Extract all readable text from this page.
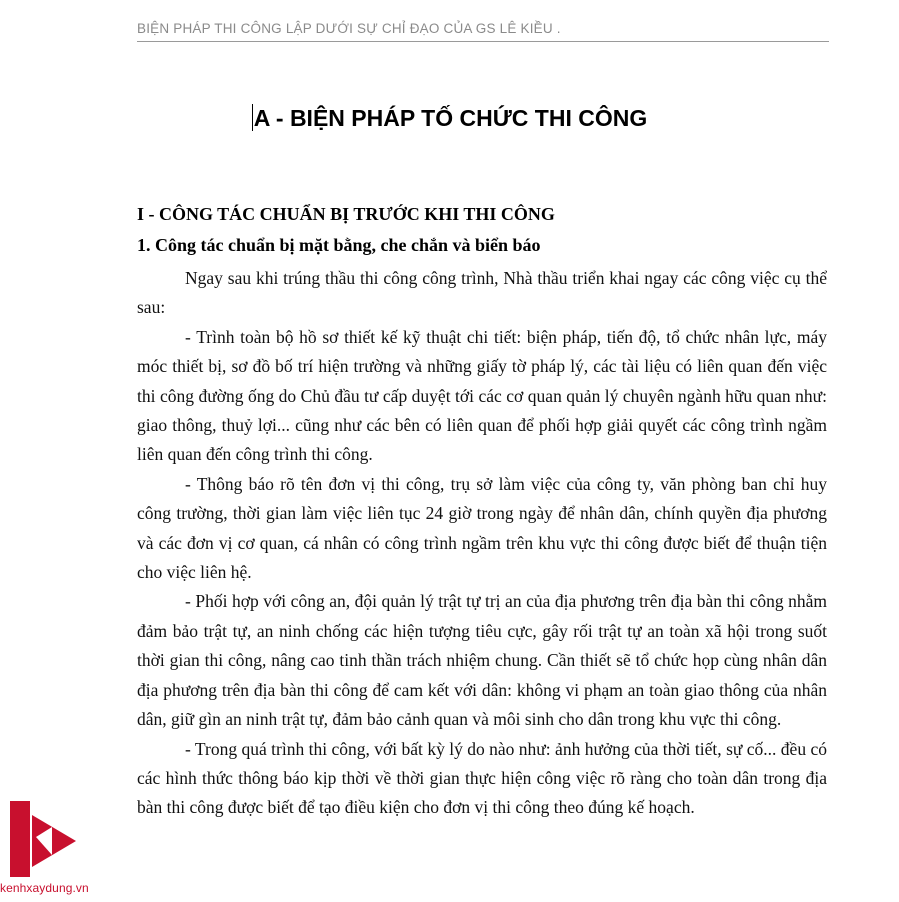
BIỆN PHÁP THI CÔNG LẬP DƯỚI SỰ CHỈ ĐẠO CỦA GS LÊ KIỀU .
A - BIỆN PHÁP TỐ CHỨC THI CÔNG
I - CÔNG TÁC CHUẨN BỊ TRƯỚC KHI THI CÔNG
1. Công tác chuẩn bị mặt bằng, che chắn và biển báo

Ngay sau khi trúng thầu thi công công trình, Nhà thầu triển khai ngay các công việc cụ thể sau:

- Trình toàn bộ hồ sơ thiết kế kỹ thuật chi tiết: biện pháp, tiến độ, tổ chức nhân lực, máy móc thiết bị, sơ đồ bố trí hiện trường và những giấy tờ pháp lý, các tài liệu có liên quan đến việc thi công đường ống do Chủ đầu tư cấp duyệt tới các cơ quan quản lý chuyên ngành hữu quan như: giao thông, thuỷ lợi... cũng như các bên có liên quan để phối hợp giải quyết các công trình ngầm liên quan đến công trình thi công.

- Thông báo rõ tên đơn vị thi công, trụ sở làm việc của công ty, văn phòng ban chỉ huy công trường, thời gian làm việc liên tục 24 giờ trong ngày để nhân dân, chính quyền địa phương và các đơn vị cơ quan, cá nhân có công trình ngầm trên khu vực thi công được biết để thuận tiện cho việc liên hệ.

- Phối hợp với công an, đội quản lý trật tự trị an của địa phương trên địa bàn thi công nhằm đảm bảo trật tự, an ninh chống các hiện tượng tiêu cực, gây rối trật tự an toàn xã hội trong suốt thời gian thi công, nâng cao tinh thần trách nhiệm chung. Cần thiết sẽ tổ chức họp cùng nhân dân địa phương trên địa bàn thi công để cam kết với dân: không vi phạm an toàn giao thông của nhân dân, giữ gìn an ninh trật tự, đảm bảo cảnh quan và môi sinh cho dân trong khu vực thi công.

- Trong quá trình thi công, với bất kỳ lý do nào như: ảnh hưởng của thời tiết, sự cố... đều có các hình thức thông báo kịp thời về thời gian thực hiện công việc rõ ràng cho toàn dân trong địa bàn thi công được biết để tạo điều kiện cho đơn vị thi công theo đúng kế hoạch.

kenhxaydung.vn
